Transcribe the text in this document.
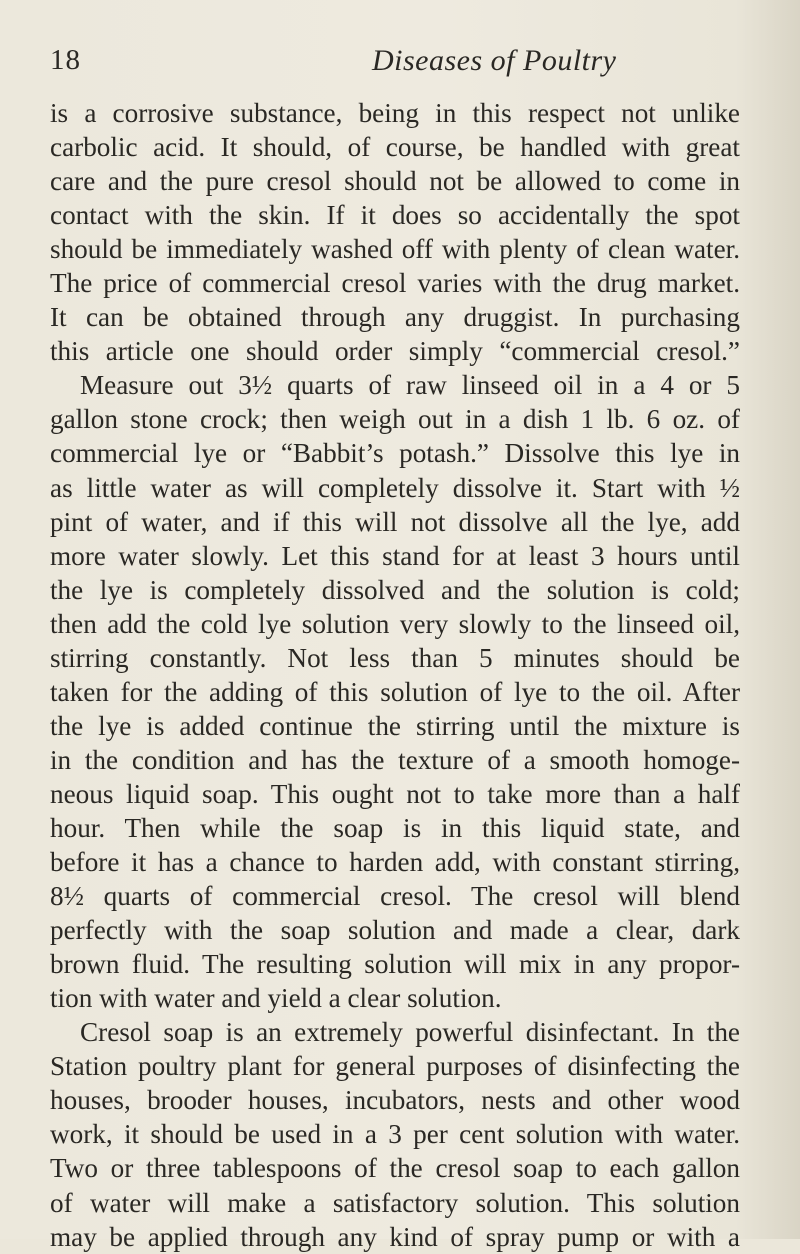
18	Diseases of Poultry
is a corrosive substance, being in this respect not unlike
carbolic acid. It should, of course, be handled with great
care and the pure cresol should not be allowed to come in
contact with the skin. If it does so accidentally the spot
should be immediately washed off with plenty of clean water.
The price of commercial cresol varies with the drug market.
It can be obtained through any druggist. In purchasing
this article one should order simply “commercial cresol.”
Measure out 3½ quarts of raw linseed oil in a 4 or 5
gallon stone crock; then weigh out in a dish 1 lb. 6 oz. of
commercial lye or “Babbit’s potash.” Dissolve this lye in
as little water as will completely dissolve it. Start with ½
pint of water, and if this will not dissolve all the lye, add
more water slowly. Let this stand for at least 3 hours until
the lye is completely dissolved and the solution is cold;
then add the cold lye solution very slowly to the linseed oil,
stirring constantly. Not less than 5 minutes should be
taken for the adding of this solution of lye to the oil. After
the lye is added continue the stirring until the mixture is
in the condition and has the texture of a smooth homoge-
neous liquid soap. This ought not to take more than a half
hour. Then while the soap is in this liquid state, and
before it has a chance to harden add, with constant stirring,
8½ quarts of commercial cresol. The cresol will blend
perfectly with the soap solution and made a clear, dark
brown fluid. The resulting solution will mix in any propor-
tion with water and yield a clear solution.
Cresol soap is an extremely powerful disinfectant. In the
Station poultry plant for general purposes of disinfecting the
houses, brooder houses, incubators, nests and other wood
work, it should be used in a 3 per cent solution with water.
Two or three tablespoons of the cresol soap to each gallon
of water will make a satisfactory solution. This solution
may be applied through any kind of spray pump or with a
